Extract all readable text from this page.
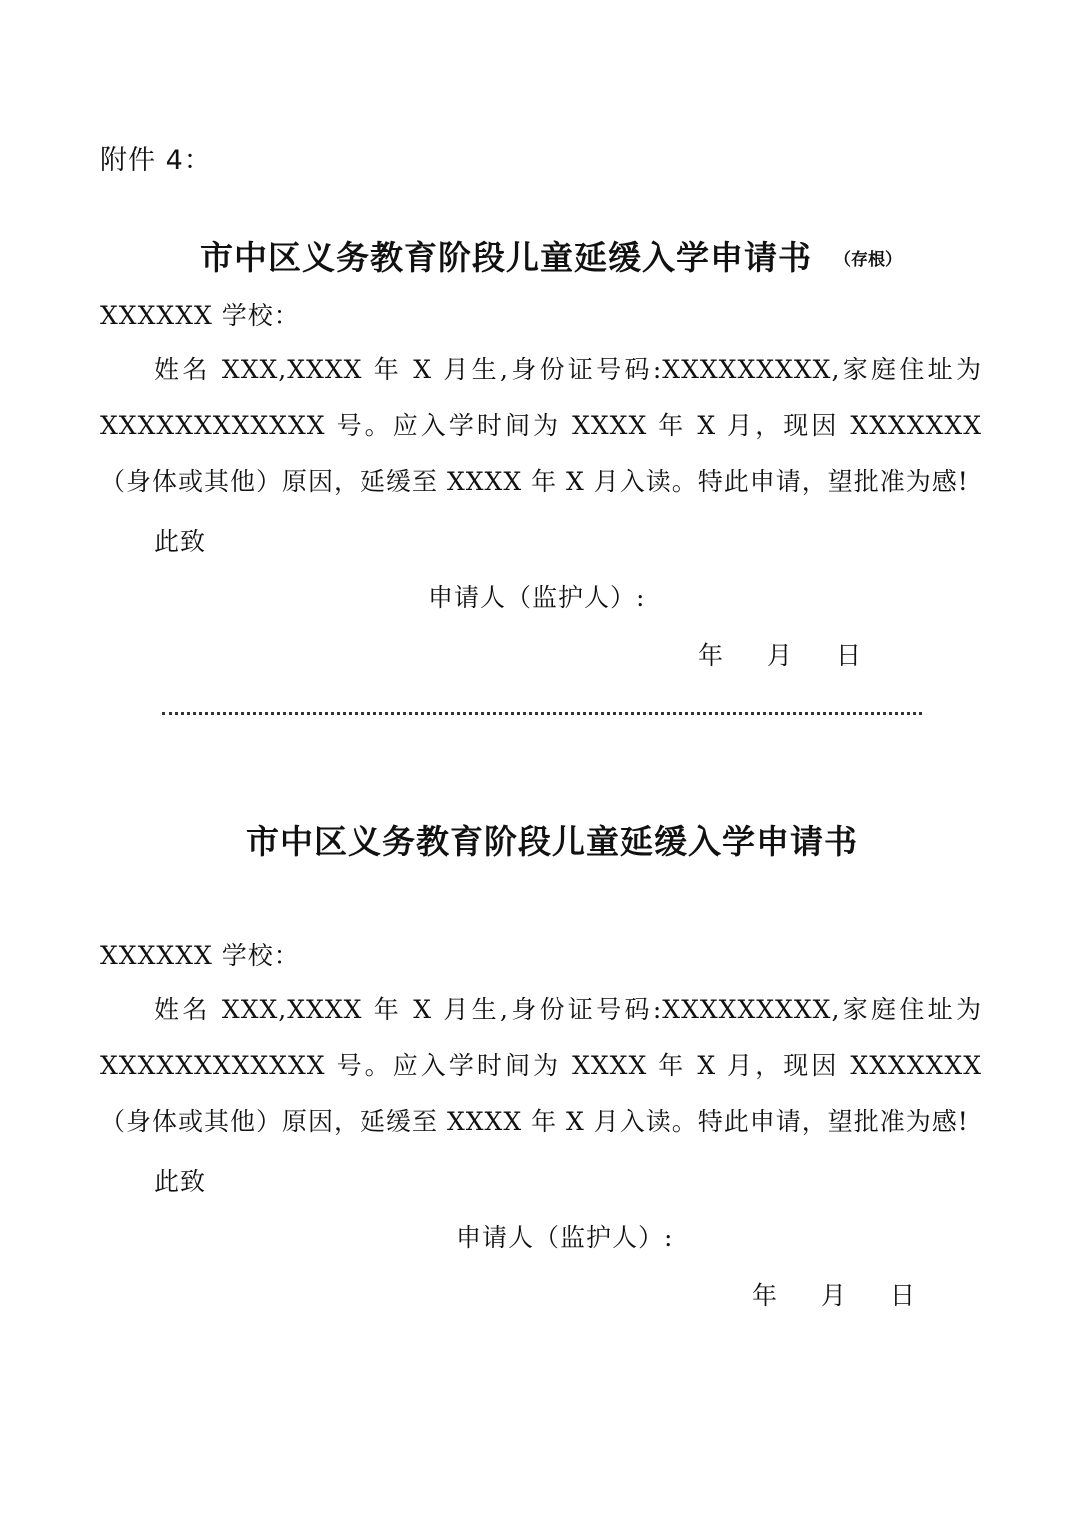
附件 4：
市中区义务教育阶段儿童延缓入学申请书 （存根）
XXXXXX 学校：
姓名 XXX,XXXX 年 X 月生,身份证号码:XXXXXXXXX,家庭住址为 XXXXXXXXXXXX 号。应入学时间为 XXXX 年 X 月，现因 XXXXXXX（身体或其他）原因，延缓至 XXXX 年 X 月入读。特此申请，望批准为感!
此致
申请人（监护人）:
年 月 日
市中区义务教育阶段儿童延缓入学申请书
XXXXXX 学校：
姓名 XXX,XXXX 年 X 月生,身份证号码:XXXXXXXXX,家庭住址为 XXXXXXXXXXXX 号。应入学时间为 XXXX 年 X 月，现因 XXXXXXX（身体或其他）原因，延缓至 XXXX 年 X 月入读。特此申请，望批准为感!
此致
申请人（监护人）:
年 月 日
